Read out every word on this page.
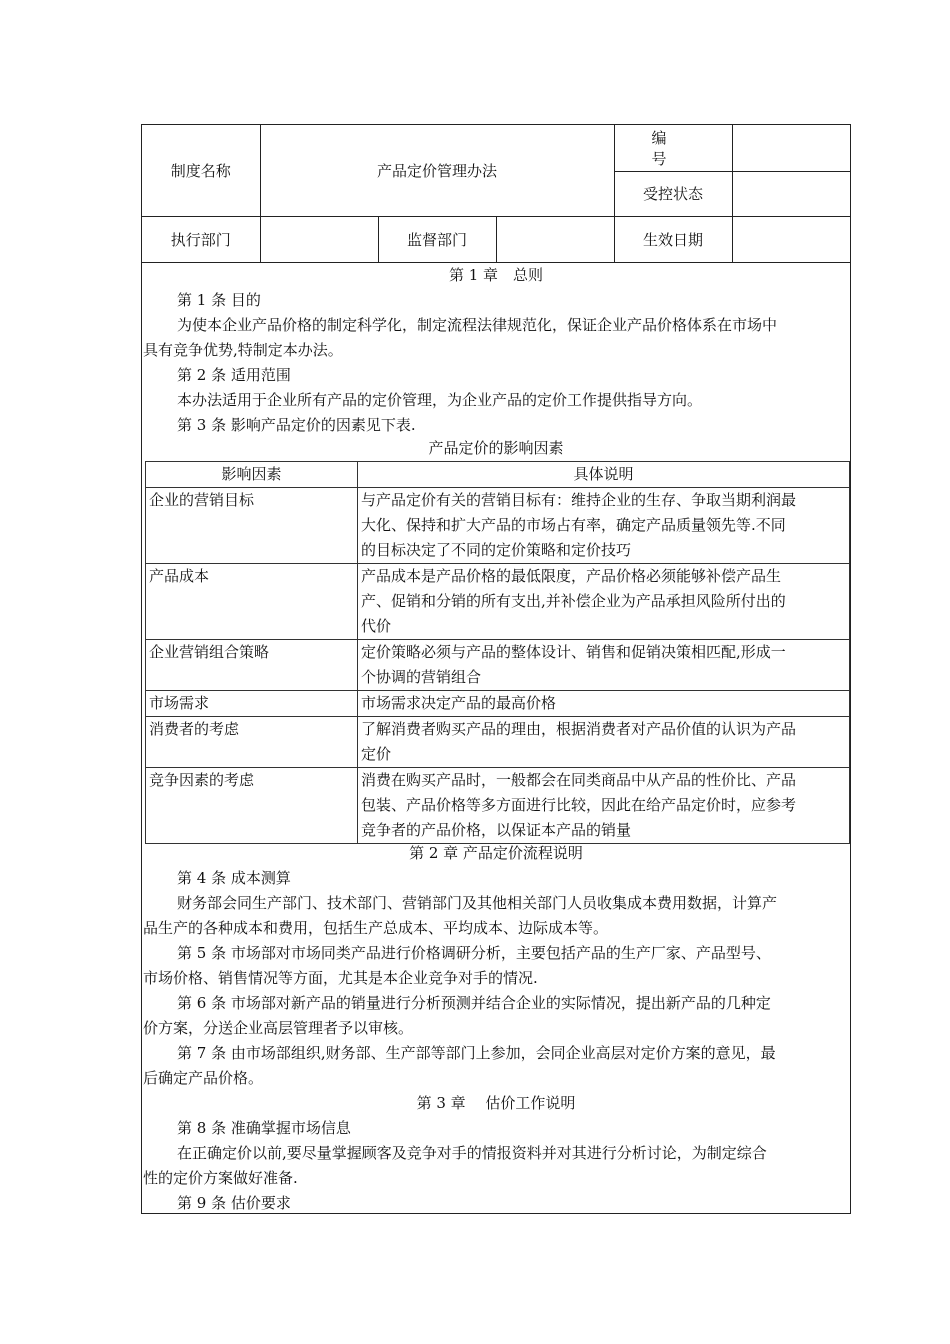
制度名称	产品定价管理办法			编 号	
				受控状态	
执行部门		监督部门		生效日期	
第 1 章　总则
第 1 条 目的
为使本企业产品价格的制定科学化，制定流程法律规范化，保证企业产品价格体系在市场中
具有竞争优势,特制定本办法。
第 2 条 适用范围
本办法适用于企业所有产品的定价管理，为企业产品的定价工作提供指导方向。
第 3 条 影响产品定价的因素见下表.
产品定价的影响因素
影响因素	具体说明
企业的营销目标	与产品定价有关的营销目标有：维持企业的生存、争取当期利润最
大化、保持和扩大产品的市场占有率，确定产品质量领先等.不同
的目标决定了不同的定价策略和定价技巧

产品成本	产品成本是产品价格的最低限度，产品价格必须能够补偿产品生
产、促销和分销的所有支出,并补偿企业为产品承担风险所付出的
代价

企业营销组合策略	定价策略必须与产品的整体设计、销售和促销决策相匹配,形成一
个协调的营销组合

市场需求	市场需求决定产品的最高价格

消费者的考虑	了解消费者购买产品的理由，根据消费者对产品价值的认识为产品
定价

竞争因素的考虑	消费在购买产品时，一般都会在同类商品中从产品的性价比、产品
包装、产品价格等多方面进行比较，因此在给产品定价时，应参考
竞争者的产品价格，以保证本产品的销量
第 2 章 产品定价流程说明
第 4 条 成本测算
财务部会同生产部门、技术部门、营销部门及其他相关部门人员收集成本费用数据，计算产
品生产的各种成本和费用，包括生产总成本、平均成本、边际成本等。
第 5 条 市场部对市场同类产品进行价格调研分析，主要包括产品的生产厂家、产品型号、
市场价格、销售情况等方面，尤其是本企业竞争对手的情况.
第 6 条 市场部对新产品的销量进行分析预测并结合企业的实际情况，提出新产品的几种定
价方案，分送企业高层管理者予以审核。
第 7 条 由市场部组织,财务部、生产部等部门上参加，会同企业高层对定价方案的意见，最
后确定产品价格。
第 3 章　 估价工作说明
第 8 条 准确掌握市场信息
在正确定价以前,要尽量掌握顾客及竞争对手的情报资料并对其进行分析讨论，为制定综合
性的定价方案做好准备.
第 9 条 估价要求
